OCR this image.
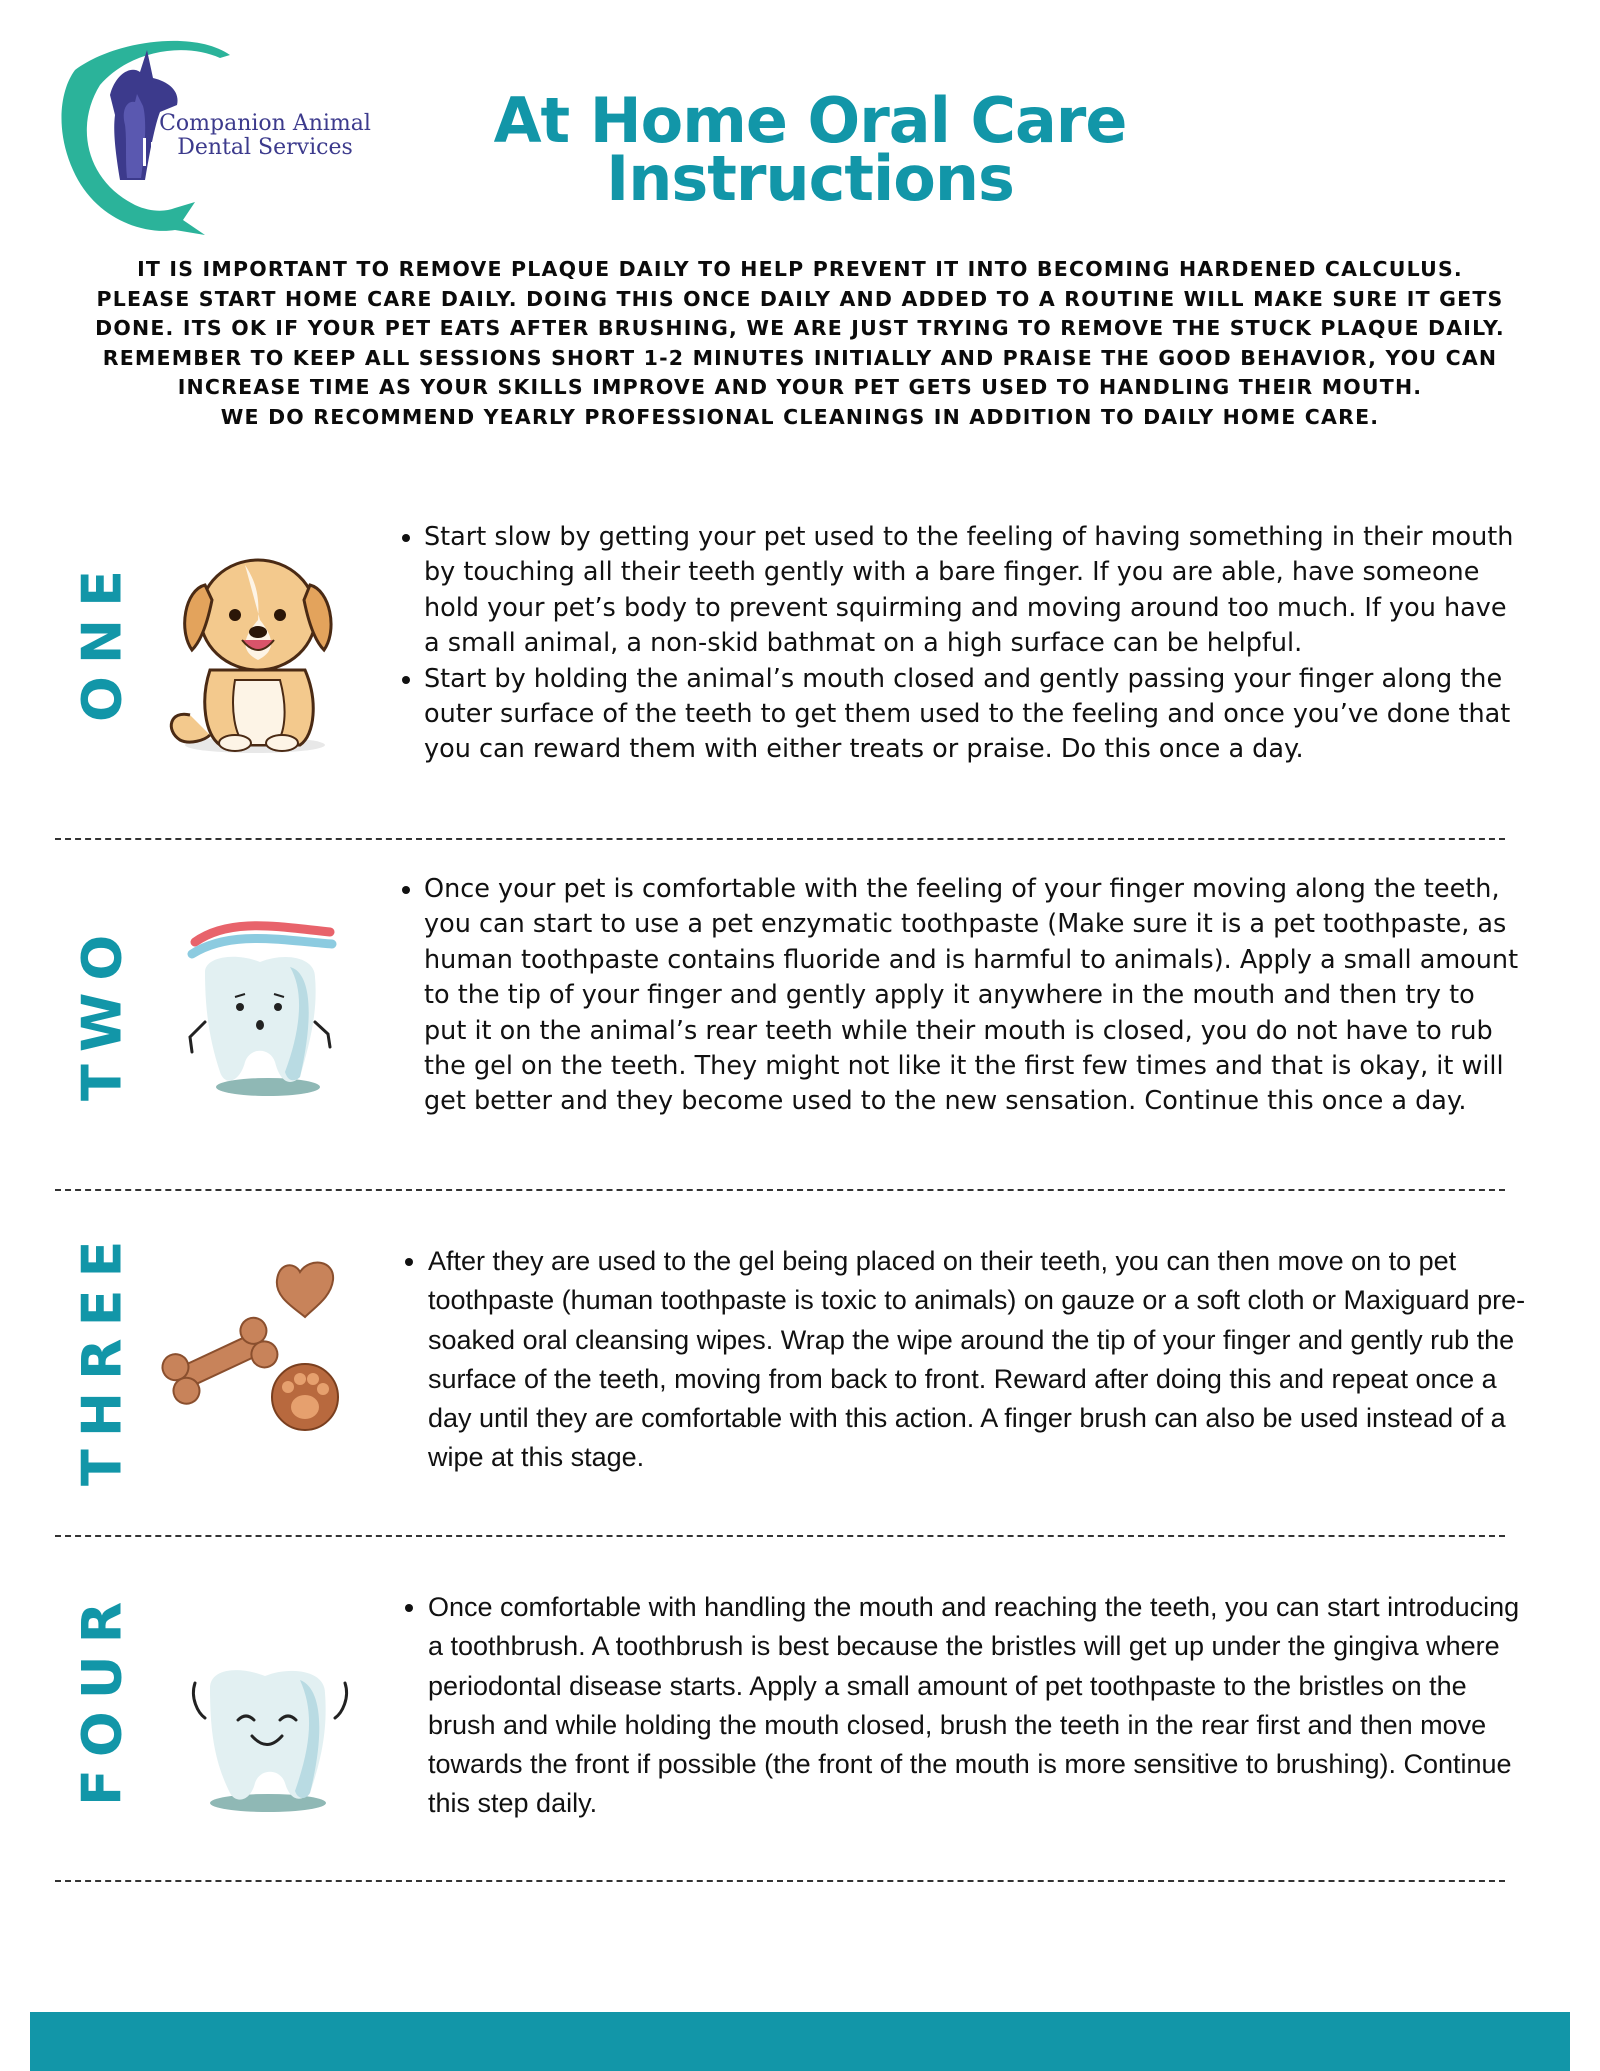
Companion Animal
Dental Services	At Home Oral Care
Instructions

IT IS IMPORTANT TO REMOVE PLAQUE DAILY TO HELP PREVENT IT INTO BECOMING HARDENED CALCULUS. PLEASE START HOME CARE DAILY. DOING THIS ONCE DAILY AND ADDED TO A ROUTINE WILL MAKE SURE IT GETS DONE. ITS OK IF YOUR PET EATS AFTER BRUSHING, WE ARE JUST TRYING TO REMOVE THE STUCK PLAQUE DAILY.

REMEMBER TO KEEP ALL SESSIONS SHORT 1-2 MINUTES INITIALLY AND PRAISE THE GOOD BEHAVIOR, YOU CAN INCREASE TIME AS YOUR SKILLS IMPROVE AND YOUR PET GETS USED TO HANDLING THEIR MOUTH.

WE DO RECOMMEND YEARLY PROFESSIONAL CLEANINGS IN ADDITION TO DAILY HOME CARE.

ONE
• Start slow by getting your pet used to the feeling of having something in their mouth by touching all their teeth gently with a bare finger. If you are able, have someone hold your pet’s body to prevent squirming and moving around too much. If you have a small animal, a non-skid bathmat on a high surface can be helpful.
• Start by holding the animal’s mouth closed and gently passing your finger along the outer surface of the teeth to get them used to the feeling and once you’ve done that you can reward them with either treats or praise. Do this once a day.
TWO
• Once your pet is comfortable with the feeling of your finger moving along the teeth, you can start to use a pet enzymatic toothpaste (Make sure it is a pet toothpaste, as human toothpaste contains fluoride and is harmful to animals). Apply a small amount to the tip of your finger and gently apply it anywhere in the mouth and then try to put it on the animal’s rear teeth while their mouth is closed, you do not have to rub the gel on the teeth. They might not like it the first few times and that is okay, it will get better and they become used to the new sensation. Continue this once a day.
THREE	• After they are used to the gel being placed on their teeth, you can then move on to pet toothpaste (human toothpaste is toxic to animals) on gauze or a soft cloth or Maxiguard pre-soaked oral cleansing wipes. Wrap the wipe around the tip of your finger and gently rub the surface of the teeth, moving from back to front. Reward after doing this and repeat once a day until they are comfortable with this action. A finger brush can also be used instead of a wipe at this stage.
FOUR	• Once comfortable with handling the mouth and reaching the teeth, you can start introducing a toothbrush. A toothbrush is best because the bristles will get up under the gingiva where periodontal disease starts. Apply a small amount of pet toothpaste to the bristles on the brush and while holding the mouth closed, brush the teeth in the rear first and then move towards the front if possible (the front of the mouth is more sensitive to brushing). Continue this step daily.
